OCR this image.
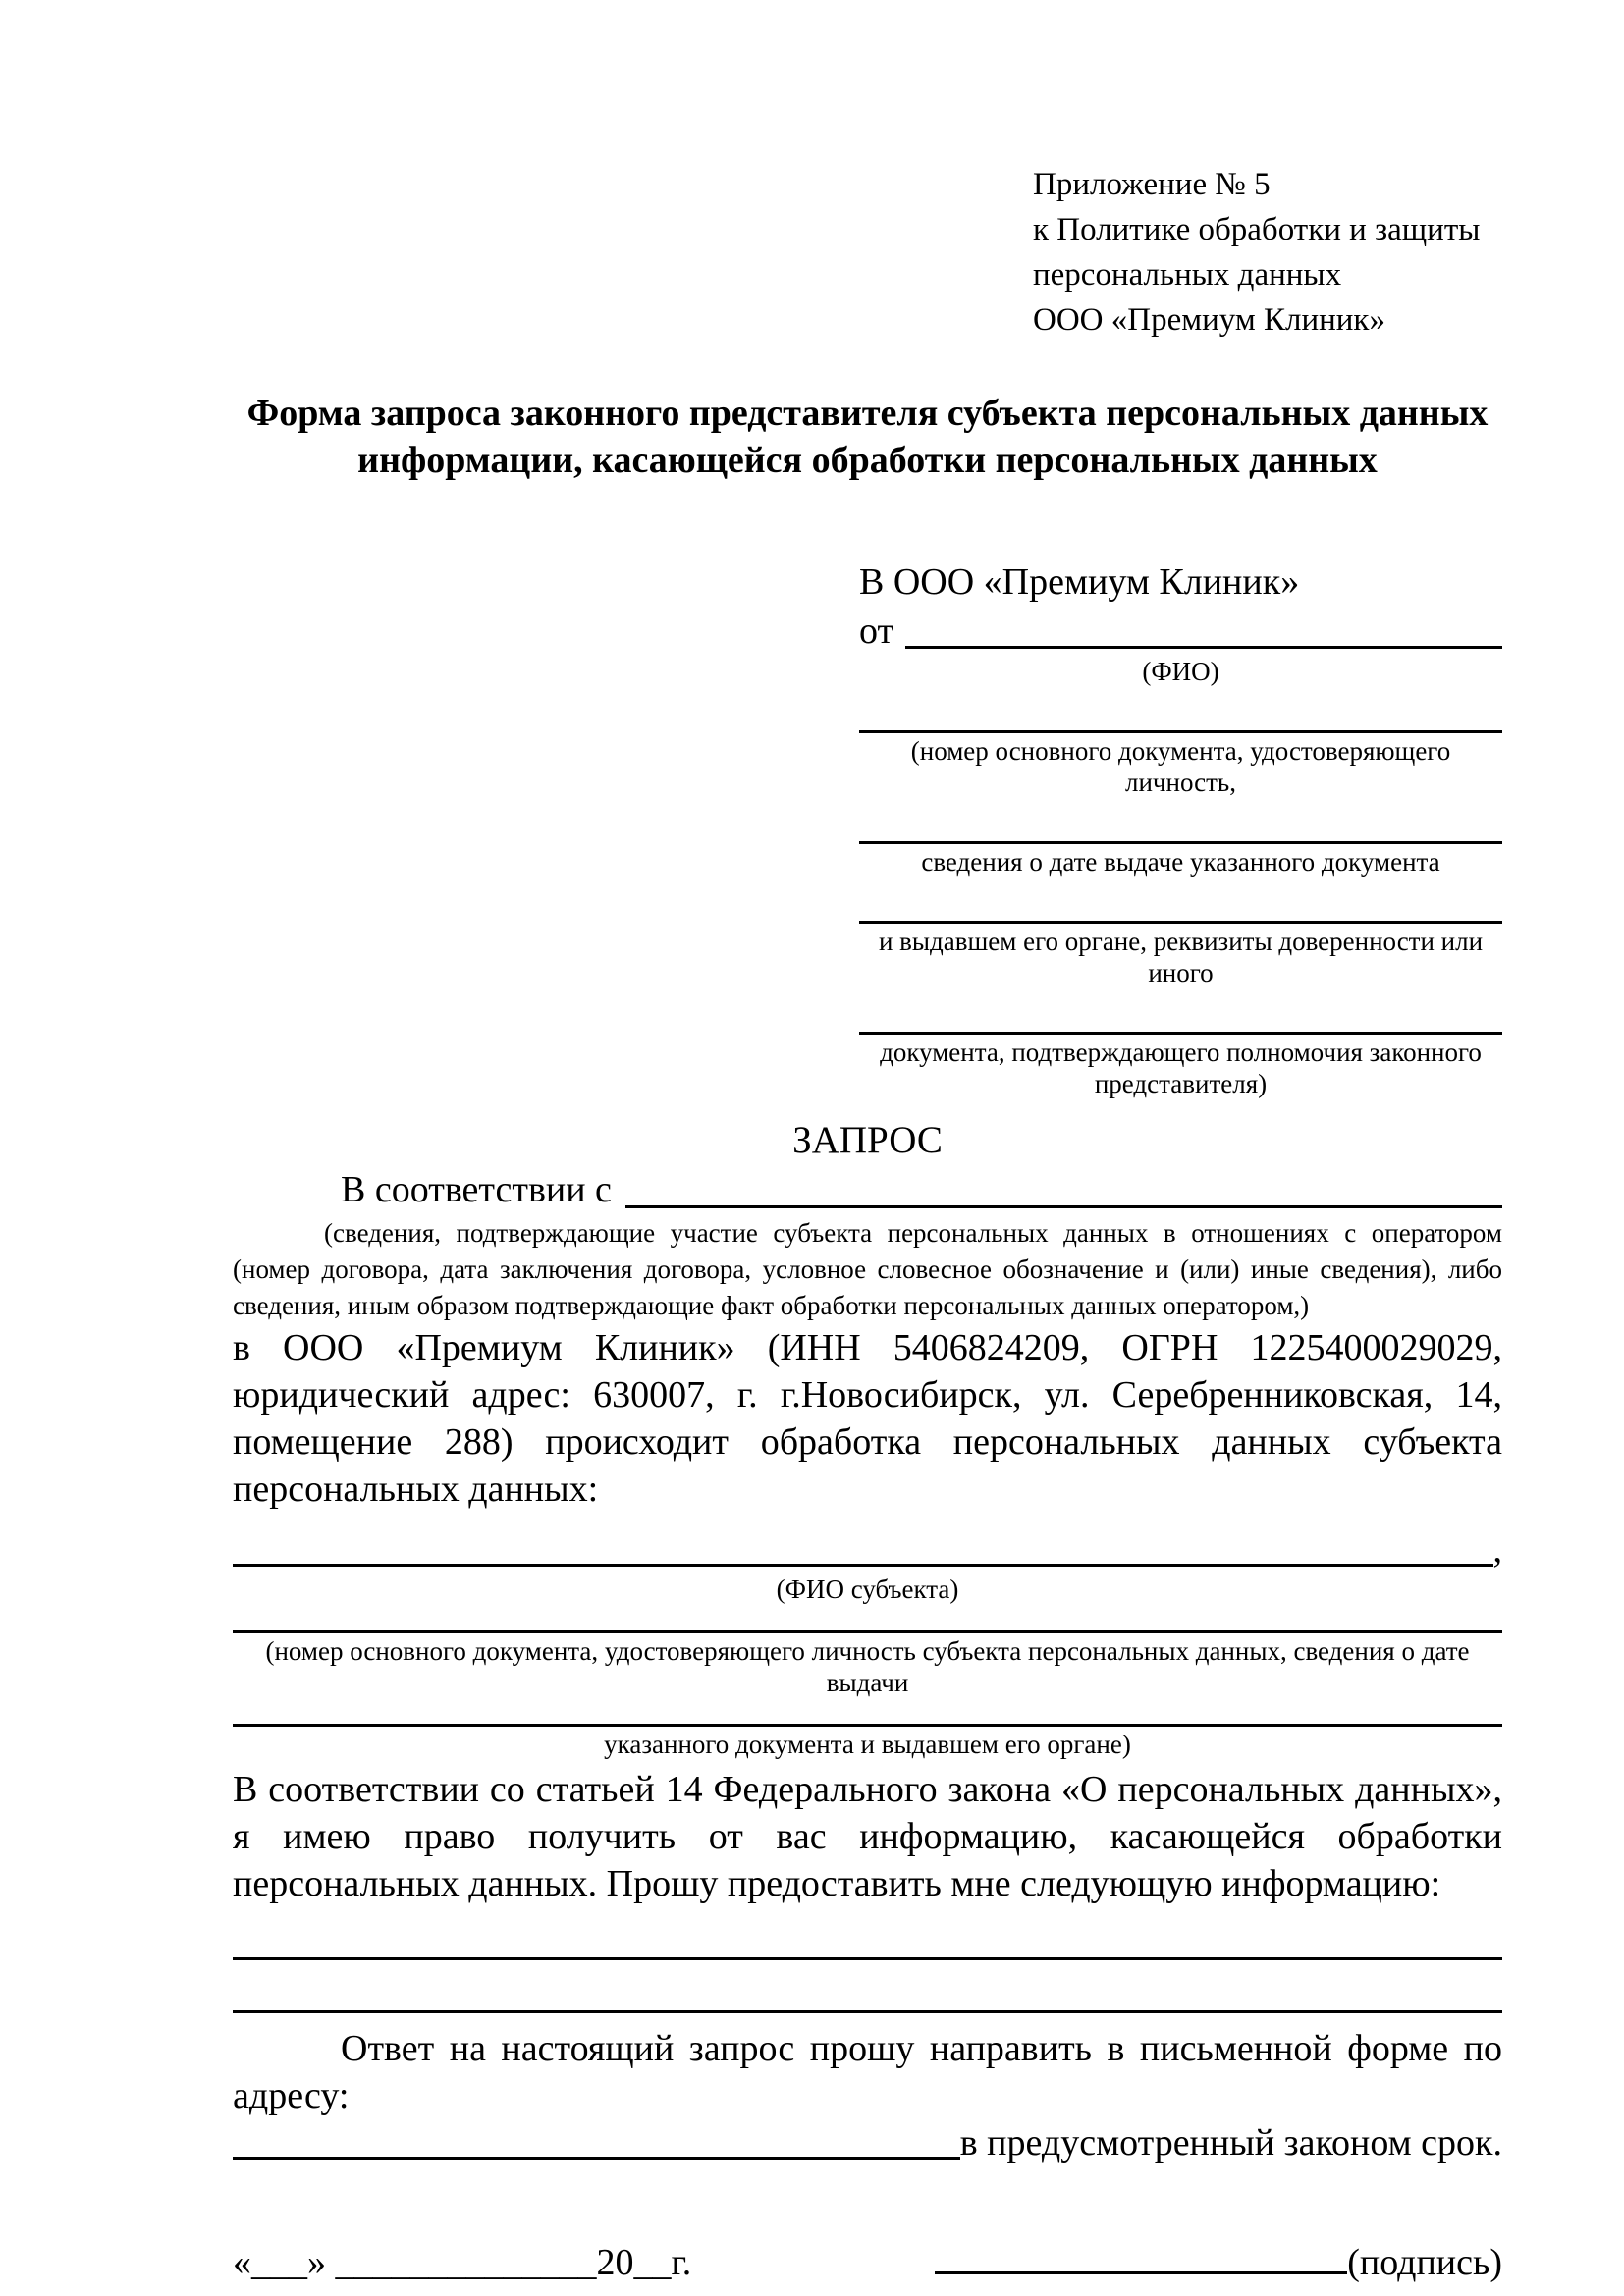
Приложение № 5
к Политике обработки и защиты
персональных данных
ООО «Премиум Клиник»
Форма запроса законного представителя субъекта персональных данных
информации, касающейся обработки персональных данных
В ООО «Премиум Клиник»
от
(ФИО)
(номер основного документа, удостоверяющего личность,
сведения о дате выдаче указанного документа
и выдавшем его органе, реквизиты доверенности или иного
документа, подтверждающего полномочия законного представителя)
ЗАПРОС
В соответствии с

(сведения, подтверждающие участие субъекта персональных данных в отношениях с оператором (номер договора, дата заключения договора, условное словесное обозначение и (или) иные сведения), либо сведения, иным образом подтверждающие факт обработки персональных данных оператором,)

в ООО «Премиум Клиник» (ИНН 5406824209, ОГРН 1225400029029, юридический адрес: 630007, г. г.Новосибирск, ул. Серебренниковская, 14, помещение 288) происходит обработка персональных данных субъекта персональных данных:

,
(ФИО субъекта)
(номер основного документа, удостоверяющего личность субъекта персональных данных, сведения о дате выдачи
указанного документа и выдавшем его органе)

В соответствии со статьей 14 Федерального закона «О персональных данных», я имею право получить от вас информацию, касающейся обработки персональных данных. Прошу предоставить мне следующую информацию:

Ответ на настоящий запрос прошу направить в письменной форме по адресу:

в предусмотренный законом срок.
«___» ______________20__г.	(подпись)
